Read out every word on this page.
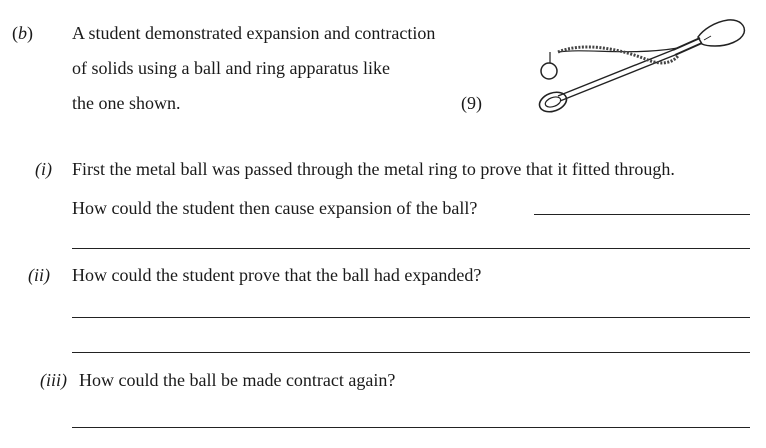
(b) A student demonstrated expansion and contraction
of solids using a ball and ring apparatus like
the one shown.	(9)
(i) First the metal ball was passed through the metal ring to prove that it fitted through.
How could the student then cause expansion of the ball?
(ii) How could the student prove that the ball had expanded?
(iii) How could the ball be made contract again?
